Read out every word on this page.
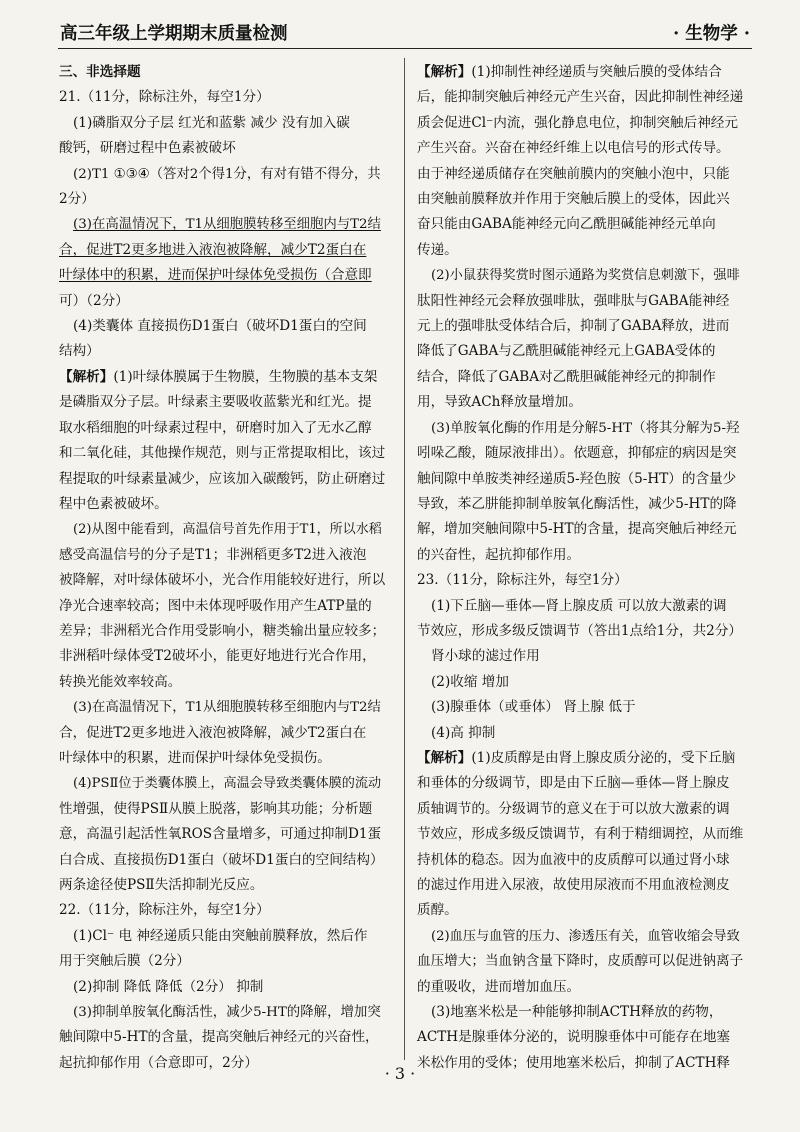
高三年级上学期期末质量检测	· 生物学 ·
三、非选择题
21.（11分，除标注外，每空1分）
(1)磷脂双分子层 红光和蓝紫 减少 没有加入碳
酸钙，研磨过程中色素被破坏
(2)T1 ①③④（答对2个得1分，有对有错不得分，共
2分）
(3)在高温情况下，T1从细胞膜转移至细胞内与T2结
合，促进T2更多地进入液泡被降解，减少T2蛋白在
叶绿体中的积累，进而保护叶绿体免受损伤（合意即
可）（2分）
(4)类囊体 直接损伤D1蛋白（破坏D1蛋白的空间
结构）
【解析】(1)叶绿体膜属于生物膜，生物膜的基本支架
是磷脂双分子层。叶绿素主要吸收蓝紫光和红光。提
取水稻细胞的叶绿素过程中，研磨时加入了无水乙醇
和二氧化硅，其他操作规范，则与正常提取相比，该过
程提取的叶绿素量减少，应该加入碳酸钙，防止研磨过
程中色素被破坏。
(2)从图中能看到，高温信号首先作用于T1，所以水稻
感受高温信号的分子是T1；非洲稻更多T2进入液泡
被降解，对叶绿体破坏小，光合作用能较好进行，所以
净光合速率较高；图中未体现呼吸作用产生ATP量的
差异；非洲稻光合作用受影响小，糖类输出量应较多；
非洲稻叶绿体受T2破坏小，能更好地进行光合作用，
转换光能效率较高。
(3)在高温情况下，T1从细胞膜转移至细胞内与T2结
合，促进T2更多地进入液泡被降解，减少T2蛋白在
叶绿体中的积累，进而保护叶绿体免受损伤。
(4)PSⅡ位于类囊体膜上，高温会导致类囊体膜的流动
性增强，使得PSⅡ从膜上脱落，影响其功能；分析题
意，高温引起活性氧ROS含量增多，可通过抑制D1蛋
白合成、直接损伤D1蛋白（破坏D1蛋白的空间结构）
两条途径使PSⅡ失活抑制光反应。
22.（11分，除标注外，每空1分）
(1)Cl⁻ 电 神经递质只能由突触前膜释放，然后作
用于突触后膜（2分）
(2)抑制 降低 降低（2分） 抑制
(3)抑制单胺氧化酶活性，减少5-HT的降解，增加突
触间隙中5-HT的含量，提高突触后神经元的兴奋性，
起抗抑郁作用（合意即可，2分）
【解析】(1)抑制性神经递质与突触后膜的受体结合
后，能抑制突触后神经元产生兴奋，因此抑制性神经递
质会促进Cl⁻内流，强化静息电位，抑制突触后神经元
产生兴奋。兴奋在神经纤维上以电信号的形式传导。
由于神经递质储存在突触前膜内的突触小泡中，只能
由突触前膜释放并作用于突触后膜上的受体，因此兴
奋只能由GABA能神经元向乙酰胆碱能神经元单向
传递。
(2)小鼠获得奖赏时图示通路为奖赏信息刺激下，强啡
肽阳性神经元会释放强啡肽，强啡肽与GABA能神经
元上的强啡肽受体结合后，抑制了GABA释放，进而
降低了GABA与乙酰胆碱能神经元上GABA受体的
结合，降低了GABA对乙酰胆碱能神经元的抑制作
用，导致ACh释放量增加。
(3)单胺氧化酶的作用是分解5-HT（将其分解为5-羟
吲哚乙酸，随尿液排出）。依题意，抑郁症的病因是突
触间隙中单胺类神经递质5-羟色胺（5-HT）的含量少
导致，苯乙肼能抑制单胺氧化酶活性，减少5-HT的降
解，增加突触间隙中5-HT的含量，提高突触后神经元
的兴奋性，起抗抑郁作用。
23.（11分，除标注外，每空1分）
(1)下丘脑—垂体—肾上腺皮质 可以放大激素的调
节效应，形成多级反馈调节（答出1点给1分，共2分）
肾小球的滤过作用
(2)收缩 增加
(3)腺垂体（或垂体） 肾上腺 低于
(4)高 抑制
【解析】(1)皮质醇是由肾上腺皮质分泌的，受下丘脑
和垂体的分级调节，即是由下丘脑—垂体—肾上腺皮
质轴调节的。分级调节的意义在于可以放大激素的调
节效应，形成多级反馈调节，有利于精细调控，从而维
持机体的稳态。因为血液中的皮质醇可以通过肾小球
的滤过作用进入尿液，故使用尿液而不用血液检测皮
质醇。
(2)血压与血管的压力、渗透压有关，血管收缩会导致
血压增大；当血钠含量下降时，皮质醇可以促进钠离子
的重吸收，进而增加血压。
(3)地塞米松是一种能够抑制ACTH释放的药物，
ACTH是腺垂体分泌的，说明腺垂体中可能存在地塞
米松作用的受体；使用地塞米松后，抑制了ACTH释
· 3 ·
